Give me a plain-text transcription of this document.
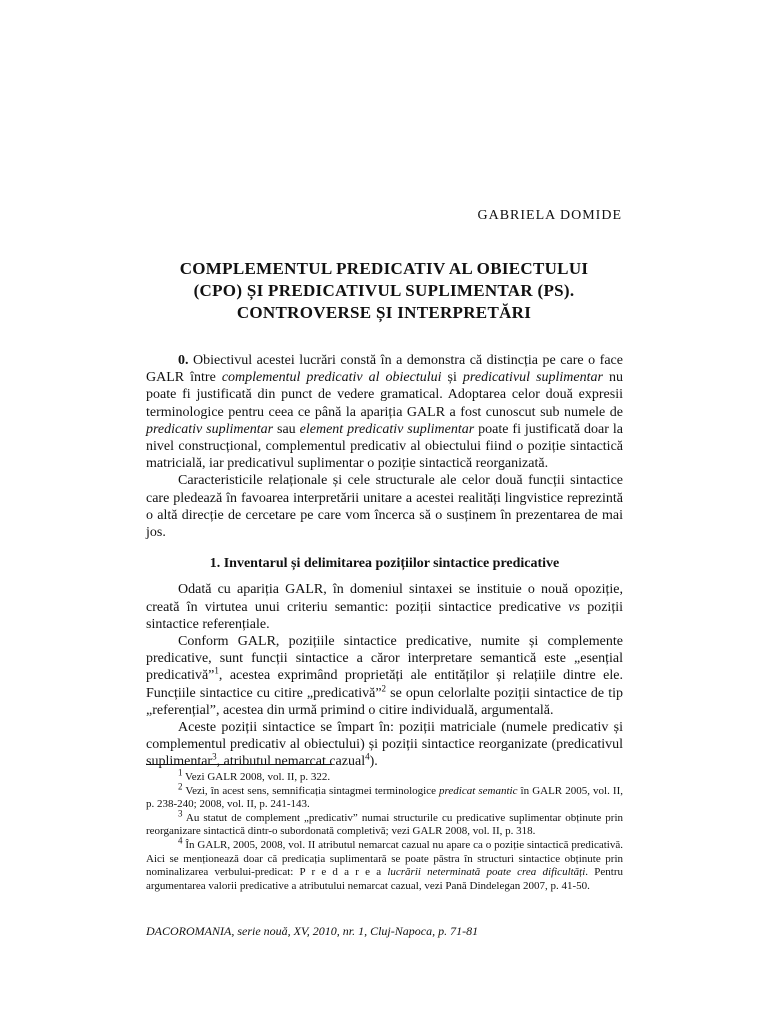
GABRIELA DOMIDE
COMPLEMENTUL PREDICATIV AL OBIECTULUI
(CPO) ȘI PREDICATIVUL SUPLIMENTAR (PS).
CONTROVERSE ȘI INTERPRETĂRI

0. Obiectivul acestei lucrări constă în a demonstra că distincția pe care o face GALR între complementul predicativ al obiectului și predicativul suplimentar nu poate fi justificată din punct de vedere gramatical. Adoptarea celor două expresii terminologice pentru ceea ce până la apariția GALR a fost cunoscut sub numele de predicativ suplimentar sau element predicativ suplimentar poate fi justificată doar la nivel construcțional, complementul predicativ al obiectului fiind o poziție sintactică matricială, iar predicativul suplimentar o poziție sintactică reorganizată.

Caracteristicile relaționale și cele structurale ale celor două funcții sintactice care pledează în favoarea interpretării unitare a acestei realități lingvistice reprezintă o altă direcție de cercetare pe care vom încerca să o susținem în prezentarea de mai jos.

1. Inventarul și delimitarea pozițiilor sintactice predicative

Odată cu apariția GALR, în domeniul sintaxei se instituie o nouă opoziție, creată în virtutea unui criteriu semantic: poziții sintactice predicative vs poziții sintactice referențiale.

Conform GALR, pozițiile sintactice predicative, numite și complemente predicative, sunt funcții sintactice a căror interpretare semantică este „esențial predicativă”$^1$, acestea exprimând proprietăți ale entităților și relațiile dintre ele. Funcțiile sintactice cu citire „predicativă”$^2$ se opun celorlalte poziții sintactice de tip „referențial”, acestea din urmă primind o citire individuală, argumentală.

Aceste poziții sintactice se împart în: poziții matriciale (numele predicativ și complementul predicativ al obiectului) și poziții sintactice reorganizate (predicativul suplimentar$^3$, atributul nemarcat cazual$^4$).

$^1$ Vezi GALR 2008, vol. II, p. 322.

$^2$ Vezi, în acest sens, semnificația sintagmei terminologice predicat semantic în GALR 2005, vol. II, p. 238-240; 2008, vol. II, p. 241-143.

$^3$ Au statut de complement „predicativ” numai structurile cu predicative suplimentar obținute prin reorganizare sintactică dintr-o subordonată completivă; vezi GALR 2008, vol. II, p. 318.

$^4$ În GALR, 2005, 2008, vol. II atributul nemarcat cazual nu apare ca o poziție sintactică predicativă. Aici se menționează doar că predicația suplimentară se poate păstra în structuri sintactice obținute prin nominalizarea verbului-predicat: P r e d a r e a lucrării neterminată poate crea dificultăți. Pentru argumentarea valorii predicative a atributului nemarcat cazual, vezi Pană Dindelegan 2007, p. 41-50.

DACOROMANIA, serie nouă, XV, 2010, nr. 1, Cluj-Napoca, p. 71-81
